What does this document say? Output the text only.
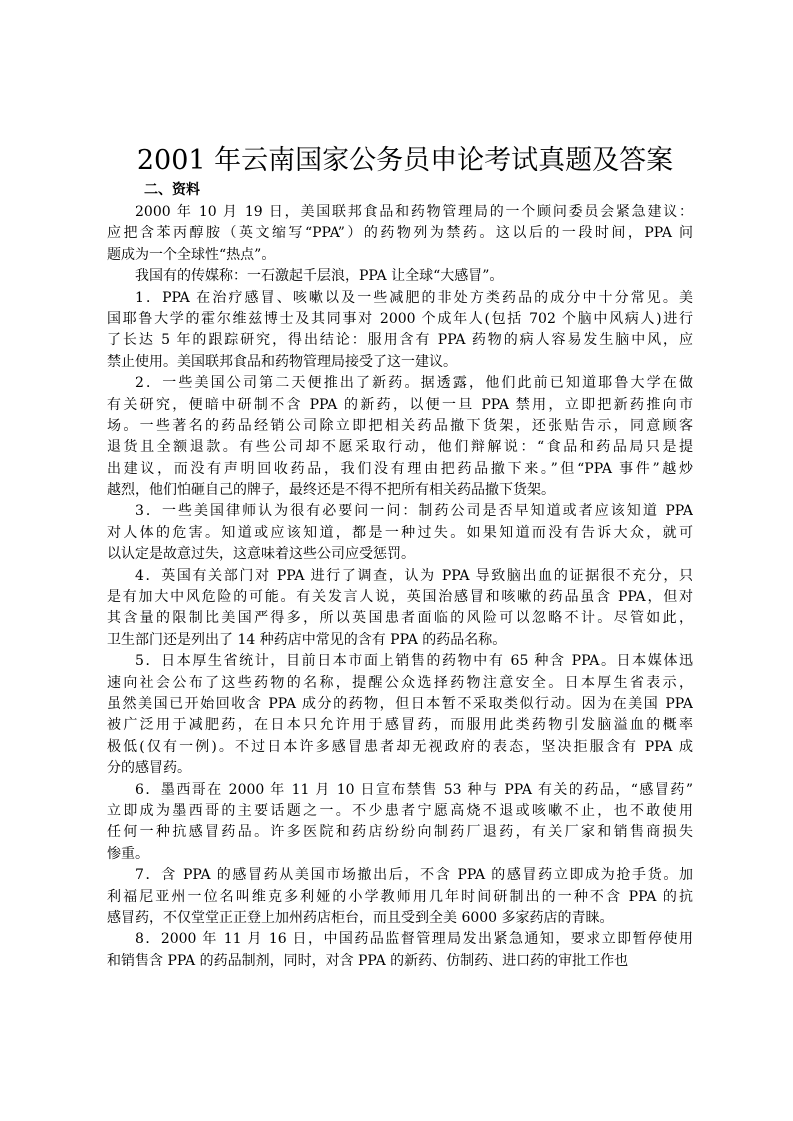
2001 年云南国家公务员申论考试真题及答案
二、资料
2000 年 10 月 19 日，美国联邦食品和药物管理局的一个顾问委员会紧急建议：
应把含苯丙醇胺（英文缩写“PPA”）的药物列为禁药。这以后的一段时间，PPA 问
题成为一个全球性“热点”。
我国有的传媒称：一石激起千层浪，PPA 让全球“大感冒”。
1．PPA 在治疗感冒、咳嗽以及一些减肥的非处方类药品的成分中十分常见。美
国耶鲁大学的霍尔维兹博士及其同事对 2000 个成年人(包括 702 个脑中风病人)进行
了长达 5 年的跟踪研究，得出结论：服用含有 PPA 药物的病人容易发生脑中风，应
禁止使用。美国联邦食品和药物管理局接受了这一建议。
2．一些美国公司第二天便推出了新药。据透露，他们此前已知道耶鲁大学在做
有关研究，便暗中研制不含 PPA 的新药，以便一旦 PPA 禁用，立即把新药推向市
场。一些著名的药品经销公司除立即把相关药品撤下货架，还张贴告示，同意顾客
退货且全额退款。有些公司却不愿采取行动，他们辩解说：“食品和药品局只是提
出建议，而没有声明回收药品，我们没有理由把药品撤下来。”但“PPA 事件”越炒
越烈，他们怕砸自己的牌子，最终还是不得不把所有相关药品撤下货架。
3．一些美国律师认为很有必要问一问：制药公司是否早知道或者应该知道 PPA
对人体的危害。知道或应该知道，都是一种过失。如果知道而没有告诉大众，就可
以认定是故意过失，这意味着这些公司应受惩罚。
4．英国有关部门对 PPA 进行了调查，认为 PPA 导致脑出血的证据很不充分，只
是有加大中风危险的可能。有关发言人说，英国治感冒和咳嗽的药品虽含 PPA，但对
其含量的限制比美国严得多，所以英国患者面临的风险可以忽略不计。尽管如此，
卫生部门还是列出了 14 种药店中常见的含有 PPA 的药品名称。
5．日本厚生省统计，目前日本市面上销售的药物中有 65 种含 PPA。日本媒体迅
速向社会公布了这些药物的名称，提醒公众选择药物注意安全。日本厚生省表示，
虽然美国已开始回收含 PPA 成分的药物，但日本暂不采取类似行动。因为在美国 PPA
被广泛用于减肥药，在日本只允许用于感冒药，而服用此类药物引发脑溢血的概率
极低(仅有一例)。不过日本许多感冒患者却无视政府的表态，坚决拒服含有 PPA 成
分的感冒药。
6．墨西哥在 2000 年 11 月 10 日宣布禁售 53 种与 PPA 有关的药品，“感冒药”
立即成为墨西哥的主要话题之一。不少患者宁愿高烧不退或咳嗽不止，也不敢使用
任何一种抗感冒药品。许多医院和药店纷纷向制药厂退药，有关厂家和销售商损失
惨重。
7．含 PPA 的感冒药从美国市场撤出后，不含 PPA 的感冒药立即成为抢手货。加
利福尼亚州一位名叫维克多利娅的小学教师用几年时间研制出的一种不含 PPA 的抗
感冒药，不仅堂堂正正登上加州药店柜台，而且受到全美 6000 多家药店的青睐。
8．2000 年 11 月 16 日，中国药品监督管理局发出紧急通知，要求立即暂停使用
和销售含 PPA 的药品制剂，同时，对含 PPA 的新药、仿制药、进口药的审批工作也
